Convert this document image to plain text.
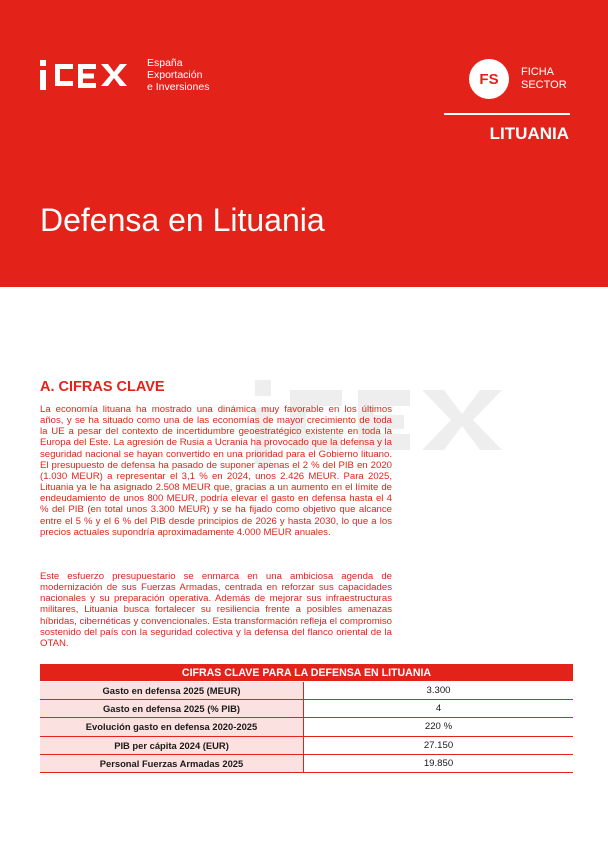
España
Exportación
e Inversiones	FS	FICHA
SECTOR
LITUANIA
Defensa en Lituania
A. CIFRAS CLAVE

La economía lituana ha mostrado una dinámica muy favorable en los últimos años, y se ha situado como una de las economías de mayor crecimiento de toda la UE a pesar del contexto de incertidumbre geoestratégico existente en toda la Europa del Este. La agresión de Rusia a Ucrania ha provocado que la defensa y la seguridad nacional se hayan convertido en una prioridad para el Gobierno lituano. El presupuesto de defensa ha pasado de suponer apenas el 2 % del PIB en 2020 (1.030 MEUR) a representar el 3,1 % en 2024, unos 2.426 MEUR. Para 2025, Lituania ya le ha asignado 2.508 MEUR que, gracias a un aumento en el límite de endeudamiento de unos 800 MEUR, podría elevar el gasto en defensa hasta el 4 % del PIB (en total unos 3.300 MEUR) y se ha fijado como objetivo que alcance entre el 5 % y el 6 % del PIB desde principios de 2026 y hasta 2030, lo que a los precios actuales supondría aproximadamente 4.000 MEUR anuales.

Este esfuerzo presupuestario se enmarca en una ambiciosa agenda de modernización de sus Fuerzas Armadas, centrada en reforzar sus capacidades nacionales y su preparación operativa. Además de mejorar sus infraestructuras militares, Lituania busca fortalecer su resiliencia frente a posibles amenazas híbridas, cibernéticas y convencionales. Esta transformación refleja el compromiso sostenido del país con la seguridad colectiva y la defensa del flanco oriental de la OTAN.

CIFRAS CLAVE PARA LA DEFENSA EN LITUANIA
Gasto en defensa 2025 (MEUR)	3.300
Gasto en defensa 2025 (% PIB)	4
Evolución gasto en defensa 2020-2025	220 %
PIB per cápita 2024 (EUR)	27.150
Personal Fuerzas Armadas 2025	19.850
